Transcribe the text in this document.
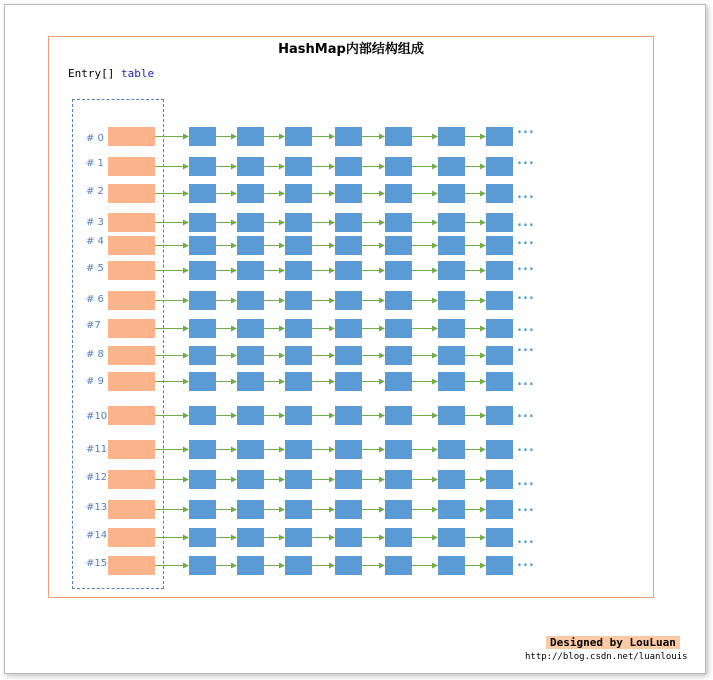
HashMap内部结构组成
Entry[] table
# 0
...
# 1	...
# 2	...
# 3	...
# 4	...
# 5	...
# 6	...
#7	...
# 8	...
# 9	...
#10	...
#11	...
#12	...
#13	...
#14	...
#15	...
Designed by LouLuan
http://blog.csdn.net/luanlouis
